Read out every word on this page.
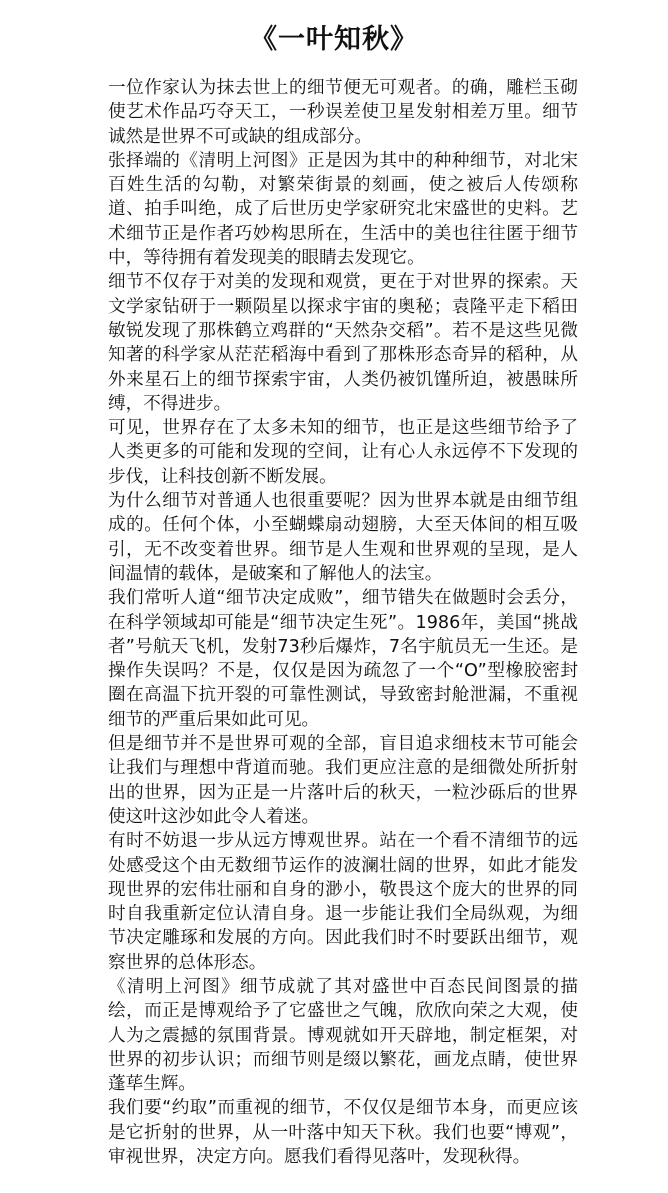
《一叶知秋》

一位作家认为抹去世上的细节便无可观者。的确，雕栏玉砌使艺术作品巧夺天工，一秒误差使卫星发射相差万里。细节诚然是世界不可或缺的组成部分。

张择端的《清明上河图》正是因为其中的种种细节，对北宋百姓生活的勾勒，对繁荣街景的刻画，使之被后人传颂称道、拍手叫绝，成了后世历史学家研究北宋盛世的史料。艺术细节正是作者巧妙构思所在，生活中的美也往往匿于细节中，等待拥有着发现美的眼睛去发现它。

细节不仅存于对美的发现和观赏，更在于对世界的探索。天文学家钻研于一颗陨星以探求宇宙的奥秘；袁隆平走下稻田敏锐发现了那株鹤立鸡群的“天然杂交稻”。若不是这些见微知著的科学家从茫茫稻海中看到了那株形态奇异的稻种，从外来星石上的细节探索宇宙，人类仍被饥馑所迫，被愚昧所缚，不得进步。

可见，世界存在了太多未知的细节，也正是这些细节给予了人类更多的可能和发现的空间，让有心人永远停不下发现的步伐，让科技创新不断发展。

为什么细节对普通人也很重要呢？因为世界本就是由细节组成的。任何个体，小至蝴蝶扇动翅膀，大至天体间的相互吸引，无不改变着世界。细节是人生观和世界观的呈现，是人间温情的载体，是破案和了解他人的法宝。

我们常听人道“细节决定成败”，细节错失在做题时会丢分，在科学领域却可能是“细节决定生死”。1986年，美国“挑战者”号航天飞机，发射73秒后爆炸，7名宇航员无一生还。是操作失误吗？不是，仅仅是因为疏忽了一个“O”型橡胶密封圈在高温下抗开裂的可靠性测试，导致密封舱泄漏，不重视细节的严重后果如此可见。

但是细节并不是世界可观的全部，盲目追求细枝末节可能会让我们与理想中背道而驰。我们更应注意的是细微处所折射出的世界，因为正是一片落叶后的秋天，一粒沙砾后的世界使这叶这沙如此令人着迷。

有时不妨退一步从远方博观世界。站在一个看不清细节的远处感受这个由无数细节运作的波澜壮阔的世界，如此才能发现世界的宏伟壮丽和自身的渺小，敬畏这个庞大的世界的同时自我重新定位认清自身。退一步能让我们全局纵观，为细节决定雕琢和发展的方向。因此我们时不时要跃出细节，观察世界的总体形态。

《清明上河图》细节成就了其对盛世中百态民间图景的描绘，而正是博观给予了它盛世之气魄，欣欣向荣之大观，使人为之震撼的氛围背景。博观就如开天辟地，制定框架，对世界的初步认识；而细节则是缀以繁花，画龙点睛，使世界蓬荜生辉。

我们要“约取”而重视的细节，不仅仅是细节本身，而更应该是它折射的世界，从一叶落中知天下秋。我们也要“博观”，审视世界，决定方向。愿我们看得见落叶，发现秋得。
